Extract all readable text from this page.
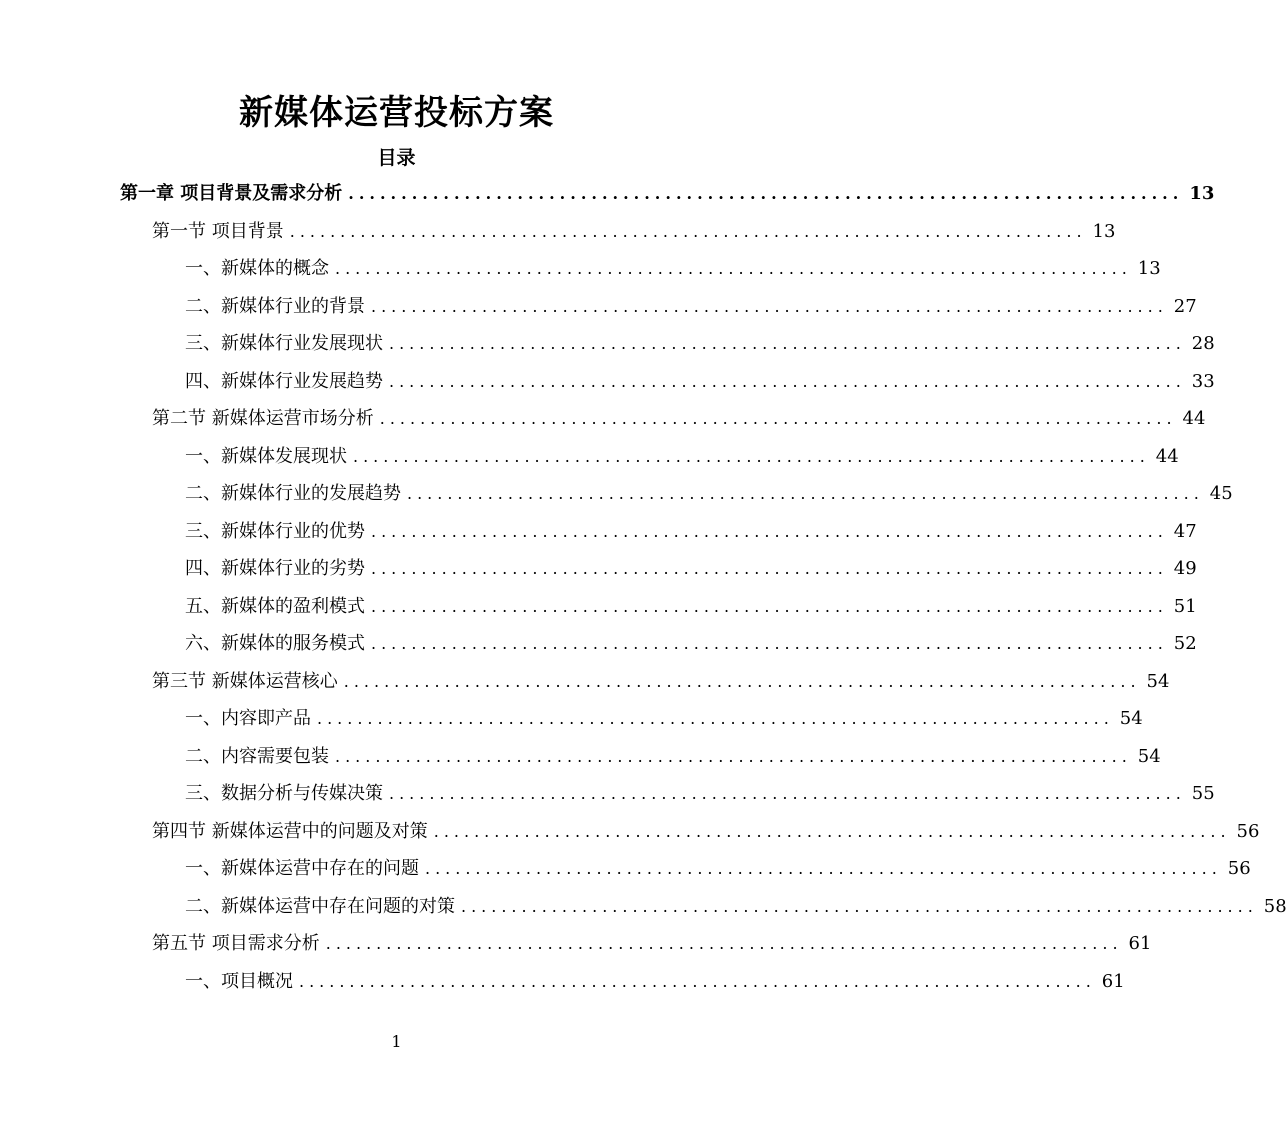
新媒体运营投标方案
目录
第一章 项目背景及需求分析 ............................................................................... 13
第一节 项目背景 ............................................................................... 13
一、新媒体的概念 ............................................................................... 13
二、新媒体行业的背景 ............................................................................... 27
三、新媒体行业发展现状 ............................................................................... 28
四、新媒体行业发展趋势 ............................................................................... 33
第二节 新媒体运营市场分析 ............................................................................... 44
一、新媒体发展现状 ............................................................................... 44
二、新媒体行业的发展趋势 ............................................................................... 45
三、新媒体行业的优势 ............................................................................... 47
四、新媒体行业的劣势 ............................................................................... 49
五、新媒体的盈利模式 ............................................................................... 51
六、新媒体的服务模式 ............................................................................... 52
第三节 新媒体运营核心 ............................................................................... 54
一、内容即产品 ............................................................................... 54
二、内容需要包装 ............................................................................... 54
三、数据分析与传媒决策 ............................................................................... 55
第四节 新媒体运营中的问题及对策 ............................................................................... 56
一、新媒体运营中存在的问题 ............................................................................... 56
二、新媒体运营中存在问题的对策 ............................................................................... 58
第五节 项目需求分析 ............................................................................... 61
一、项目概况 ............................................................................... 61
1
